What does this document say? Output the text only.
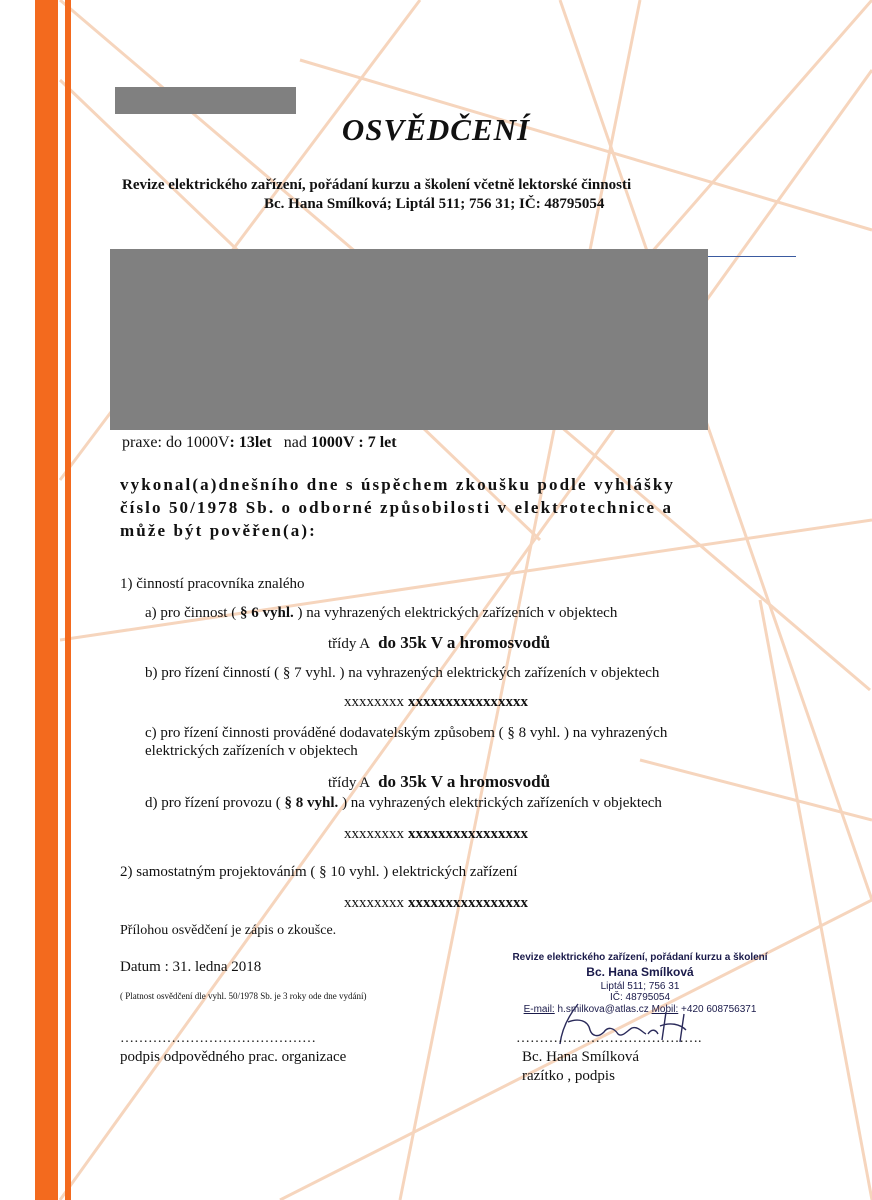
OSVĚDČENÍ
Revize elektrického zařízení, pořádaní kurzu a školení včetně lektorské činnosti
Bc. Hana Smílková; Liptál 511; 756 31; IČ: 48795054
praxe: do 1000V: 13let nad 1000V : 7 let
vykonal(a)dnešního dne s úspěchem zkoušku podle vyhlášky
číslo 50/1978 Sb. o odborné způsobilosti v elektrotechnice a
může být pověřen(a):
1) činností pracovníka znalého
a) pro činnost ( § 6 vyhl. ) na vyhrazených elektrických zařízeních v objektech
třídy A do 35k V a hromosvodů
b) pro řízení činností ( § 7 vyhl. ) na vyhrazených elektrických zařízeních v objektech
xxxxxxxx xxxxxxxxxxxxxxxx
c) pro řízení činnosti prováděné dodavatelským způsobem ( § 8 vyhl. ) na vyhrazených
elektrických zařízeních v objektech
třídy A do 35k V a hromosvodů
d) pro řízení provozu ( § 8 vyhl. ) na vyhrazených elektrických zařízeních v objektech
xxxxxxxx xxxxxxxxxxxxxxxx
2) samostatným projektováním ( § 10 vyhl. ) elektrických zařízení
xxxxxxxx xxxxxxxxxxxxxxxx
Přílohou osvědčení je zápis o zkoušce.
Datum : 31. ledna 2018
( Platnost osvědčení dle vyhl. 50/1978 Sb. je 3 roky ode dne vydání)
……………………………………
podpis odpovědného prac. organizace
Revize elektrického zařízení, pořádaní kurzu a školení
Bc. Hana Smílková
Liptál 511; 756 31
IČ: 48795054
E-mail: h.smilkova@atlas.cz Mobil: +420 608756371
………………………………….
Bc. Hana Smílková
razítko , podpis
